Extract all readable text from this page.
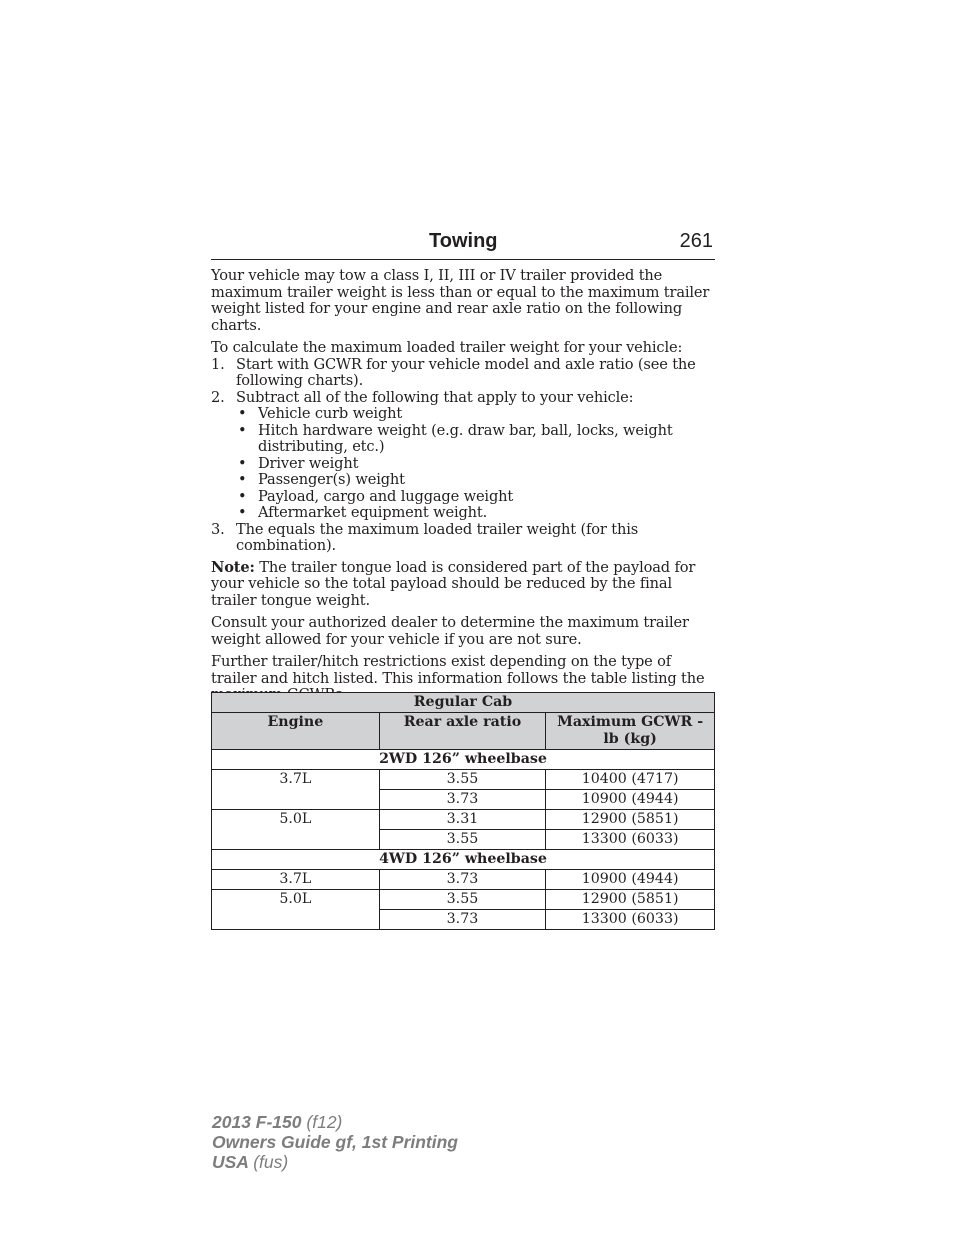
Towing	261

Your vehicle may tow a class I, II, III or IV trailer provided the maximum trailer weight is less than or equal to the maximum trailer weight listed for your engine and rear axle ratio on the following charts.

To calculate the maximum loaded trailer weight for your vehicle:
1. Start with GCWR for your vehicle model and axle ratio (see the following charts).
2. Subtract all of the following that apply to your vehicle:
• Vehicle curb weight
• Hitch hardware weight (e.g. draw bar, ball, locks, weight distributing, etc.)
• Driver weight
• Passenger(s) weight
• Payload, cargo and luggage weight
• Aftermarket equipment weight.
3. The equals the maximum loaded trailer weight (for this combination).

Note: The trailer tongue load is considered part of the payload for your vehicle so the total payload should be reduced by the final trailer tongue weight.

Consult your authorized dealer to determine the maximum trailer weight allowed for your vehicle if you are not sure.

Further trailer/hitch restrictions exist depending on the type of trailer and hitch listed. This information follows the table listing the

Regular Cab		
Engine	Rear axle ratio	Maximum GCWR - lb (kg)
2WD 126” wheelbase		
3.7L	3.55	10400 (4717)
	3.73	10900 (4944)
5.0L	3.31	12900 (5851)
	3.55	13300 (6033)
4WD 126” wheelbase		
3.7L	3.73	10900 (4944)
5.0L	3.55	12900 (5851)
	3.73	13300 (6033)
2013 F-150 (f12)
Owners Guide gf, 1st Printing
USA (fus)
